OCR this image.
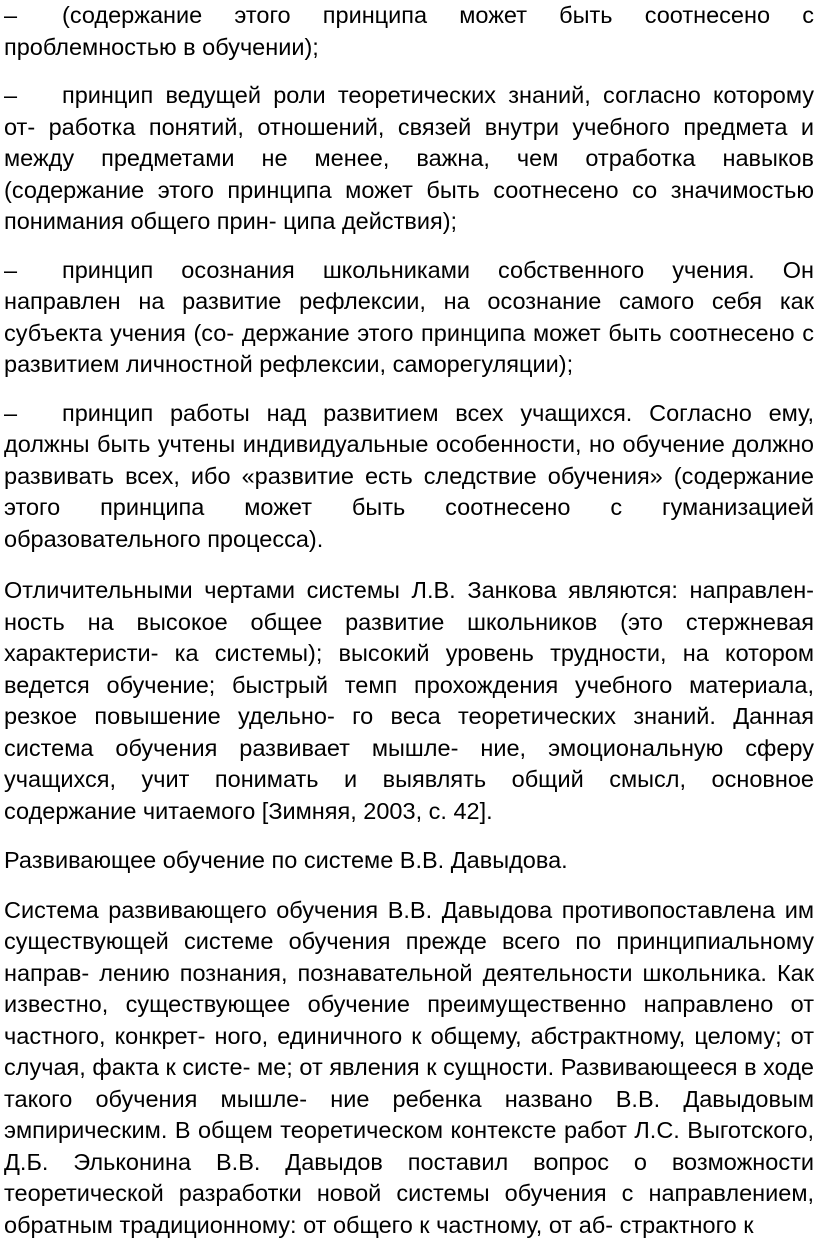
– (содержание этого принципа может быть соотнесено с проблемностью в обучении);

– принцип ведущей роли теоретических знаний, согласно которому от- работка понятий, отношений, связей внутри учебного предмета и между предметами не менее, важна, чем отработка навыков (содержание этого принципа может быть соотнесено со значимостью понимания общего прин- ципа действия);

– принцип осознания школьниками собственного учения. Он направлен на развитие рефлексии, на осознание самого себя как субъекта учения (со- держание этого принципа может быть соотнесено с развитием личностной рефлексии, саморегуляции);

– принцип работы над развитием всех учащихся. Согласно ему, должны быть учтены индивидуальные особенности, но обучение должно развивать всех, ибо «развитие есть следствие обучения» (содержание этого принципа может быть соотнесено с гуманизацией образовательного процесса).

Отличительными чертами системы Л.В. Занкова являются: направлен- ность на высокое общее развитие школьников (это стержневая характеристи- ка системы); высокий уровень трудности, на котором ведется обучение; быстрый темп прохождения учебного материала, резкое повышение удельно- го веса теоретических знаний. Данная система обучения развивает мышле- ние, эмоциональную сферу учащихся, учит понимать и выявлять общий смысл, основное содержание читаемого [Зимняя, 2003, с. 42].

Развивающее обучение по системе В.В. Давыдова.

Система развивающего обучения В.В. Давыдова противопоставлена им существующей системе обучения прежде всего по принципиальному направ- лению познания, познавательной деятельности школьника. Как известно, существующее обучение преимущественно направлено от частного, конкрет- ного, единичного к общему, абстрактному, целому; от случая, факта к систе- ме; от явления к сущности. Развивающееся в ходе такого обучения мышле- ние ребенка названо В.В. Давыдовым эмпирическим. В общем теоретическом контексте работ Л.С. Выготского, Д.Б. Эльконина В.В. Давыдов поставил вопрос о возможности теоретической разработки новой системы обучения с направлением, обратным традиционному: от общего к частному, от аб- страктного к
